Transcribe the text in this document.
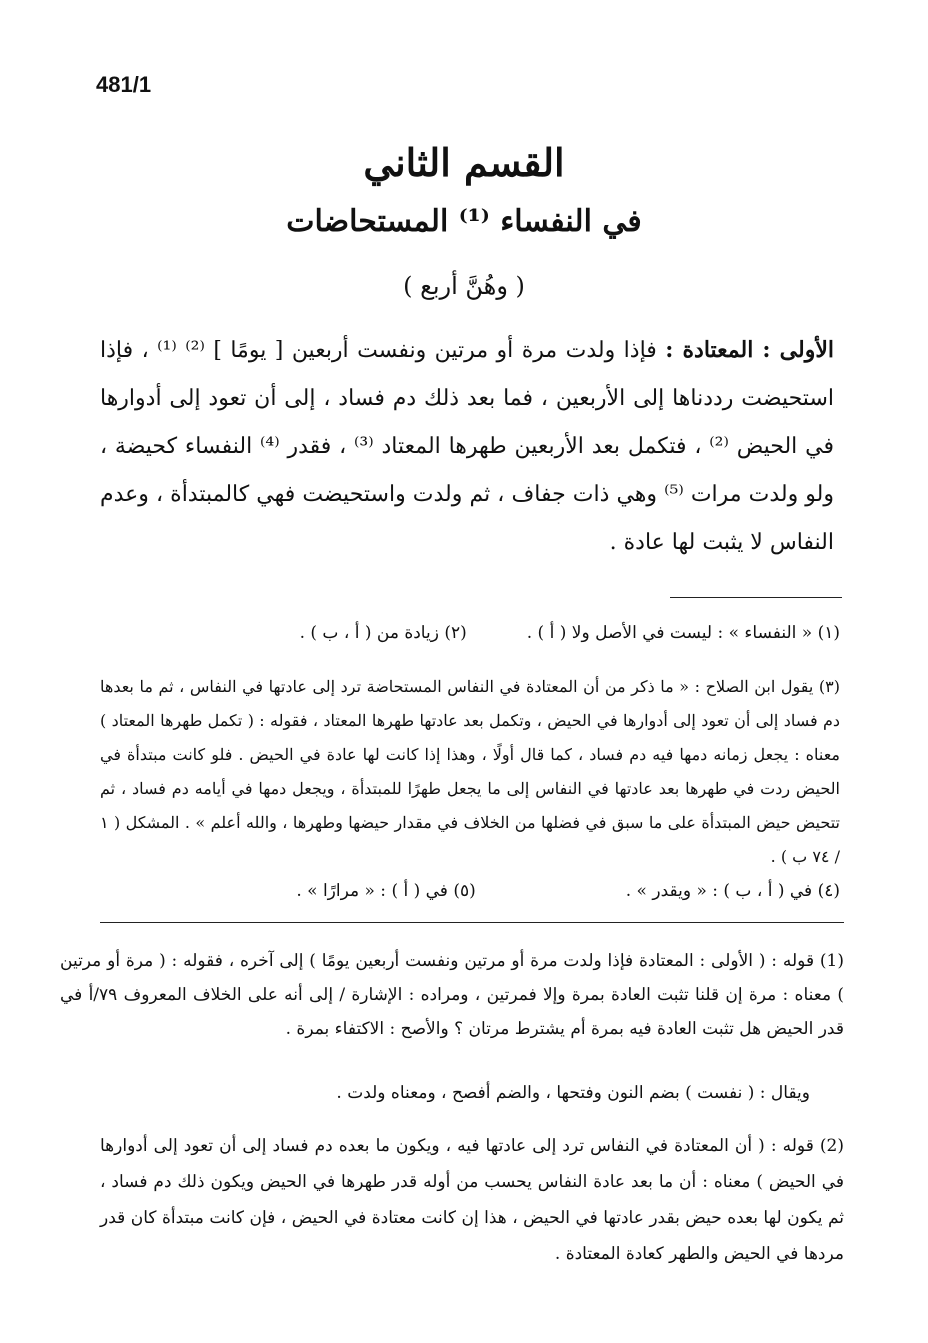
481/1
القسم الثاني
في النفساء ⁽¹⁾ المستحاضات
( وهُنَّ أربع )
الأولى : المعتادة : فإذا ولدت مرة أو مرتين ونفست أربعين [ يومًا ] ⁽²⁾ ⁽¹⁾ ، فإذا استحيضت رددناها إلى الأربعين ، فما بعد ذلك دم فساد ، إلى أن تعود إلى أدوارها في الحيض ⁽²⁾ ، فتكمل بعد الأربعين طهرها المعتاد ⁽³⁾ ، فقدر ⁽⁴⁾ النفساء كحيضة ، ولو ولدت مرات ⁽⁵⁾ وهي ذات جفاف ، ثم ولدت واستحيضت فهي كالمبتدأة ، وعدم النفاس لا يثبت لها عادة .
(١) « النفساء » : ليست في الأصل ولا ( أ ) .
(٢) زيادة من ( أ ، ب ) .
(٣) يقول ابن الصلاح : « ما ذكر من أن المعتادة في النفاس المستحاضة ترد إلى عادتها في النفاس ، ثم ما بعدها دم فساد إلى أن تعود إلى أدوارها في الحيض ، وتكمل بعد عادتها طهرها المعتاد ، فقوله : ( تكمل طهرها المعتاد ) معناه : يجعل زمانه دمها فيه دم فساد ، كما قال أولًا ، وهذا إذا كانت لها عادة في الحيض . فلو كانت مبتدأة في الحيض ردت في طهرها بعد عادتها في النفاس إلى ما يجعل طهرًا للمبتدأة ، ويجعل دمها في أيامه دم فساد ، ثم تتحيض حيض المبتدأة على ما سبق في فضلها من الخلاف في مقدار حيضها وطهرها ، والله أعلم » . المشكل ( ١ / ٧٤ ب ) .
(٤) في ( أ ، ب ) : « ويقدر » .
(٥) في ( أ ) : « مرارًا » .
(1) قوله : ( الأولى : المعتادة فإذا ولدت مرة أو مرتين ونفست أربعين يومًا ) إلى آخره ، فقوله : ( مرة أو مرتين ) معناه : مرة إن قلنا تثبت العادة بمرة وإلا فمرتين ، ومراده : الإشارة / إلى أنه على الخلاف المعروف ٧٩/أ في قدر الحيض هل تثبت العادة فيه بمرة أم يشترط مرتان ؟ والأصح : الاكتفاء بمرة .
ويقال : ( نفست ) بضم النون وفتحها ، والضم أفصح ، ومعناه ولدت .
(2) قوله : ( أن المعتادة في النفاس ترد إلى عادتها فيه ، ويكون ما بعده دم فساد إلى أن تعود إلى أدوارها في الحيض ) معناه : أن ما بعد عادة النفاس يحسب من أوله قدر طهرها في الحيض ويكون ذلك دم فساد ، ثم يكون لها بعده حيض بقدر عادتها في الحيض ، هذا إن كانت معتادة في الحيض ، فإن كانت مبتدأة كان قدر مردها في الحيض والطهر كعادة المعتادة .
